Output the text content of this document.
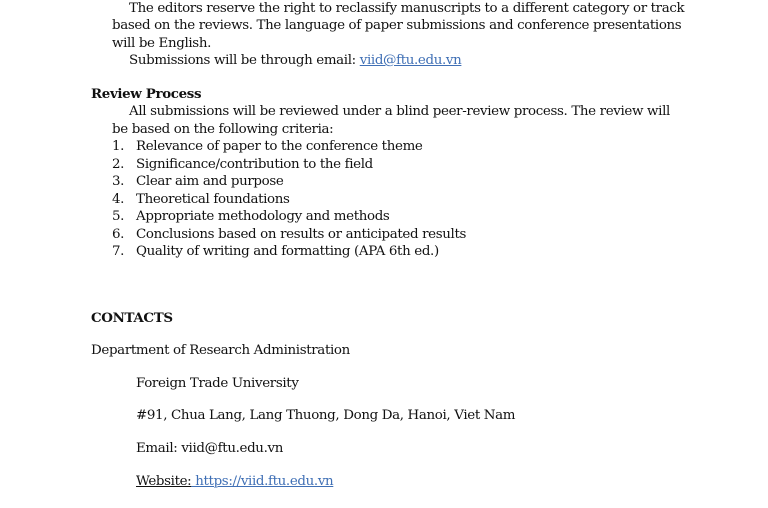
The editors reserve the right to reclassify manuscripts to a different category or track
based on the reviews. The language of paper submissions and conference presentations
will be English.
Submissions will be through email: viid@ftu.edu.vn
Review Process
All submissions will be reviewed under a blind peer-review process. The review will
be based on the following criteria:
1. Relevance of paper to the conference theme
2. Significance/contribution to the field
3. Clear aim and purpose
4. Theoretical foundations
5. Appropriate methodology and methods
6. Conclusions based on results or anticipated results
7. Quality of writing and formatting (APA 6th ed.)
CONTACTS
Department of Research Administration
Foreign Trade University
#91, Chua Lang, Lang Thuong, Dong Da, Hanoi, Viet Nam
Email: viid@ftu.edu.vn
Website: https://viid.ftu.edu.vn
